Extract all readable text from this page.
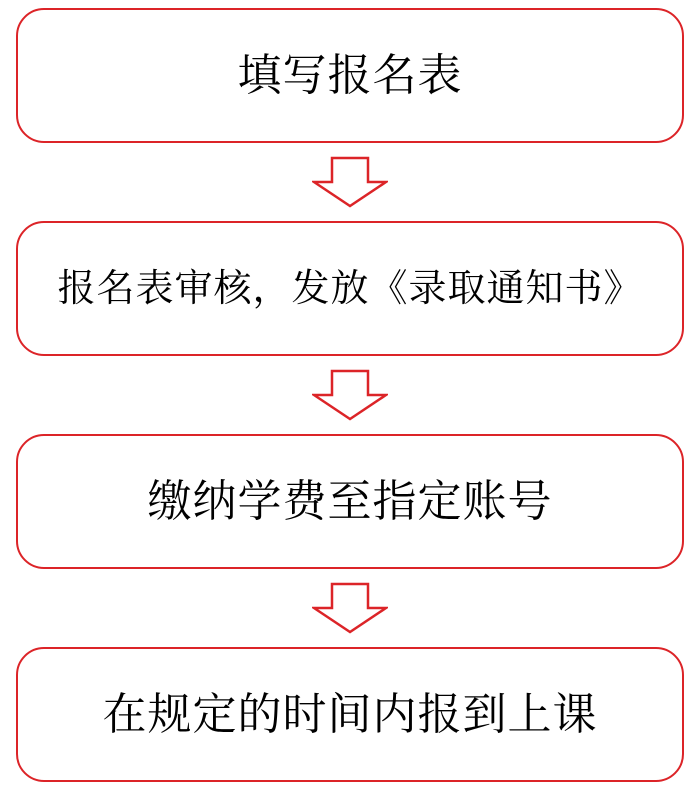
填写报名表
报名表审核，发放《录取通知书》
缴纳学费至指定账号
在规定的时间内报到上课
